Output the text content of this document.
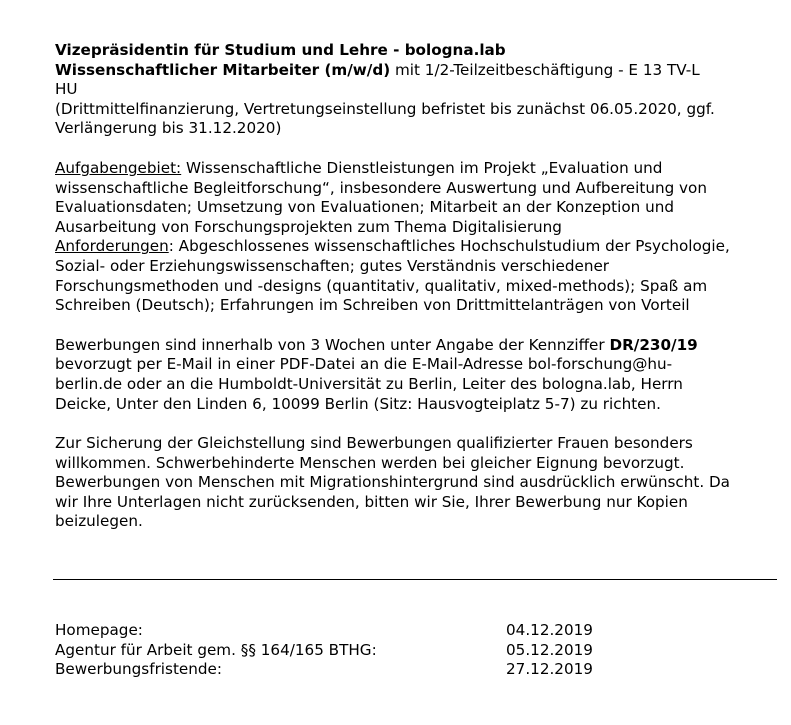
Vizepräsidentin für Studium und Lehre - bologna.lab

Wissenschaftlicher Mitarbeiter (m/w/d) mit 1/2-Teilzeitbeschäftigung - E 13 TV-L

HU

(Drittmittelfinanzierung, Vertretungseinstellung befristet bis zunächst 06.05.2020, ggf.

Verlängerung bis 31.12.2020)

Aufgabengebiet: Wissenschaftliche Dienstleistungen im Projekt „Evaluation und

wissenschaftliche Begleitforschung“, insbesondere Auswertung und Aufbereitung von

Evaluationsdaten; Umsetzung von Evaluationen; Mitarbeit an der Konzeption und

Ausarbeitung von Forschungsprojekten zum Thema Digitalisierung

Anforderungen: Abgeschlossenes wissenschaftliches Hochschulstudium der Psychologie,

Sozial- oder Erziehungswissenschaften; gutes Verständnis verschiedener

Forschungsmethoden und -designs (quantitativ, qualitativ, mixed-methods); Spaß am

Schreiben (Deutsch); Erfahrungen im Schreiben von Drittmittelanträgen von Vorteil

Bewerbungen sind innerhalb von 3 Wochen unter Angabe der Kennziffer DR/230/19

bevorzugt per E-Mail in einer PDF-Datei an die E-Mail-Adresse bol-forschung@hu-

berlin.de oder an die Humboldt-Universität zu Berlin, Leiter des bologna.lab, Herrn

Deicke, Unter den Linden 6, 10099 Berlin (Sitz: Hausvogteiplatz 5-7) zu richten.

Zur Sicherung der Gleichstellung sind Bewerbungen qualifizierter Frauen besonders

willkommen. Schwerbehinderte Menschen werden bei gleicher Eignung bevorzugt.

Bewerbungen von Menschen mit Migrationshintergrund sind ausdrücklich erwünscht. Da

wir Ihre Unterlagen nicht zurücksenden, bitten wir Sie, Ihrer Bewerbung nur Kopien

beizulegen.

Homepage:	04.12.2019
Agentur für Arbeit gem. §§ 164/165 BTHG:	05.12.2019
Bewerbungsfristende:	27.12.2019
